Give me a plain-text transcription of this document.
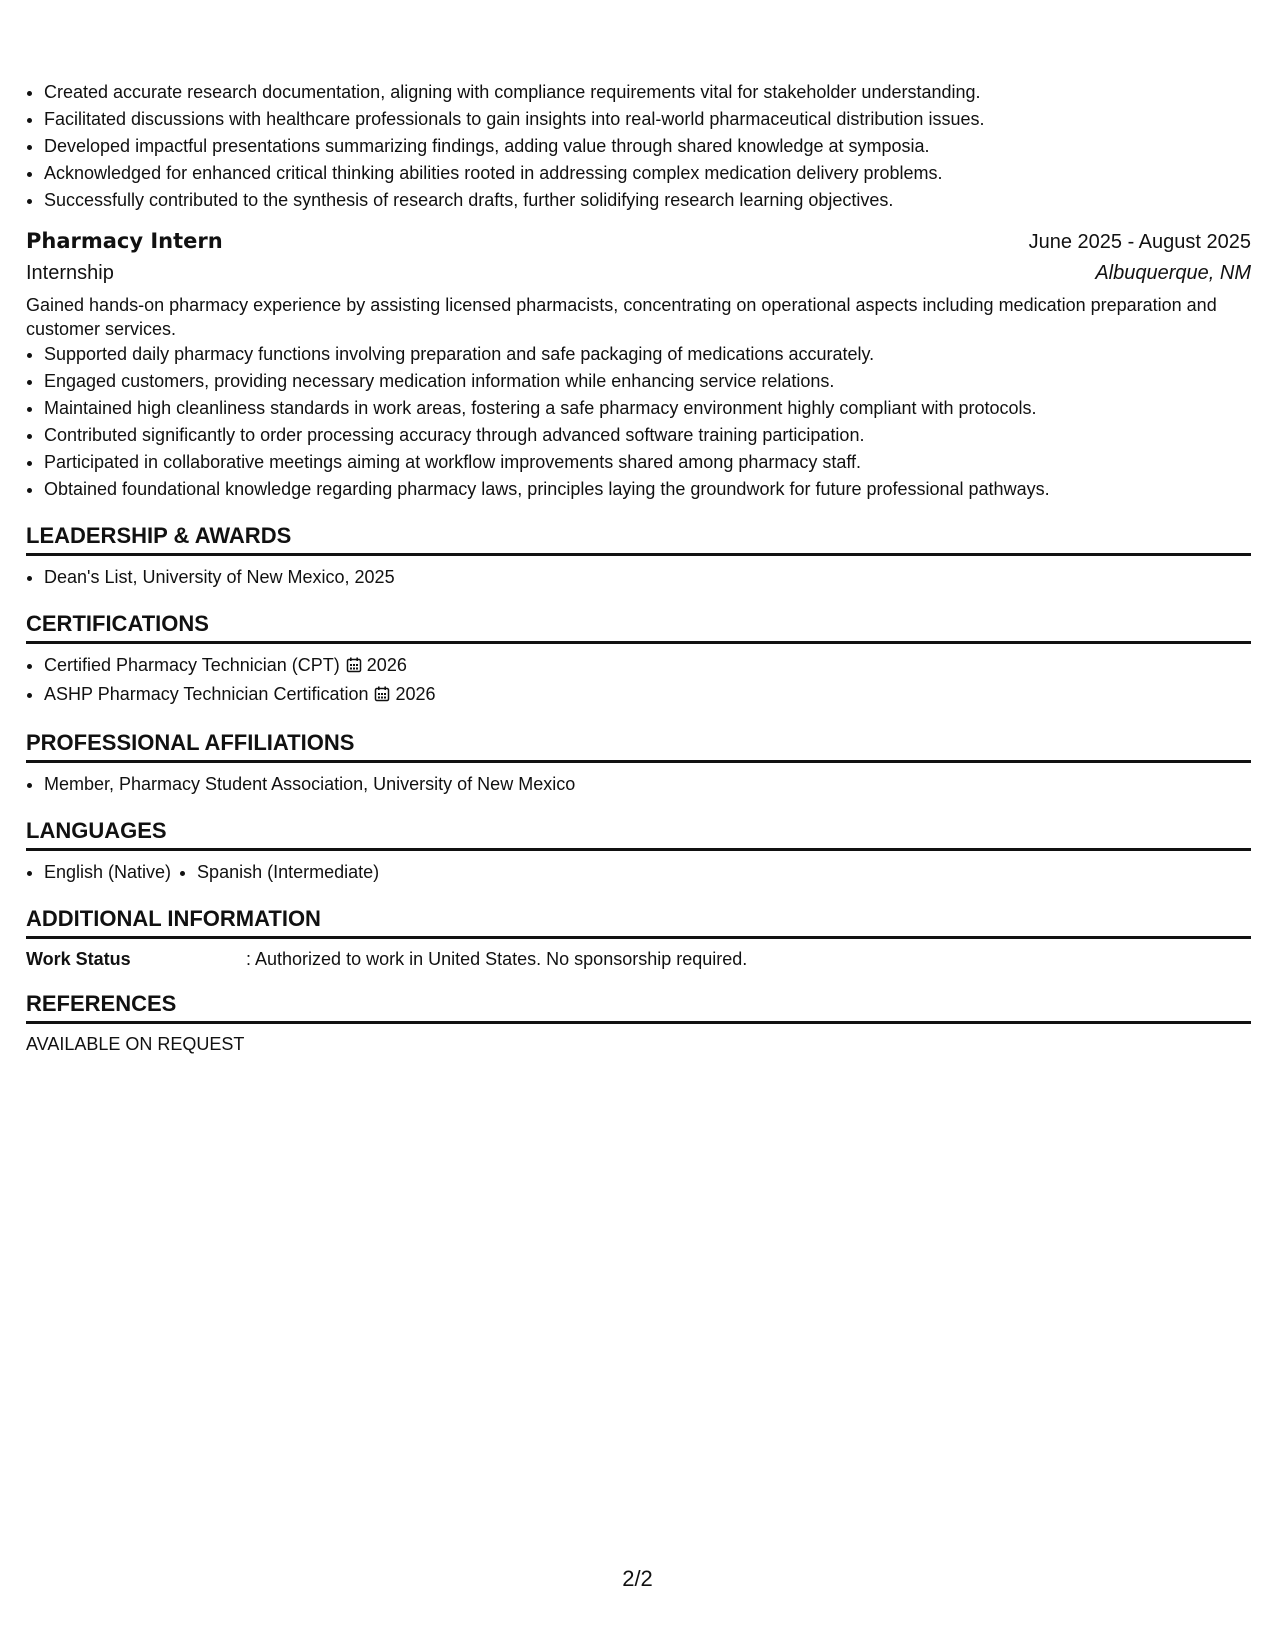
• Created accurate research documentation, aligning with compliance requirements vital for stakeholder understanding.
• Facilitated discussions with healthcare professionals to gain insights into real-world pharmaceutical distribution issues.
• Developed impactful presentations summarizing findings, adding value through shared knowledge at symposia.
• Acknowledged for enhanced critical thinking abilities rooted in addressing complex medication delivery problems.
• Successfully contributed to the synthesis of research drafts, further solidifying research learning objectives.
Pharmacy Intern	June 2025 - August 2025
Internship	Albuquerque, NM
Gained hands-on pharmacy experience by assisting licensed pharmacists, concentrating on operational aspects including medication preparation and customer services.
• Supported daily pharmacy functions involving preparation and safe packaging of medications accurately.
• Engaged customers, providing necessary medication information while enhancing service relations.
• Maintained high cleanliness standards in work areas, fostering a safe pharmacy environment highly compliant with protocols.
• Contributed significantly to order processing accuracy through advanced software training participation.
• Participated in collaborative meetings aiming at workflow improvements shared among pharmacy staff.
• Obtained foundational knowledge regarding pharmacy laws, principles laying the groundwork for future professional pathways.
LEADERSHIP & AWARDS
• Dean's List, University of New Mexico, 2025
CERTIFICATIONS
• Certified Pharmacy Technician (CPT) 2026
• ASHP Pharmacy Technician Certification 2026
PROFESSIONAL AFFILIATIONS
• Member, Pharmacy Student Association, University of New Mexico
LANGUAGES
• English (Native)
• Spanish (Intermediate)
ADDITIONAL INFORMATION
Work Status	: Authorized to work in United States. No sponsorship required.
REFERENCES
AVAILABLE ON REQUEST
2/2
